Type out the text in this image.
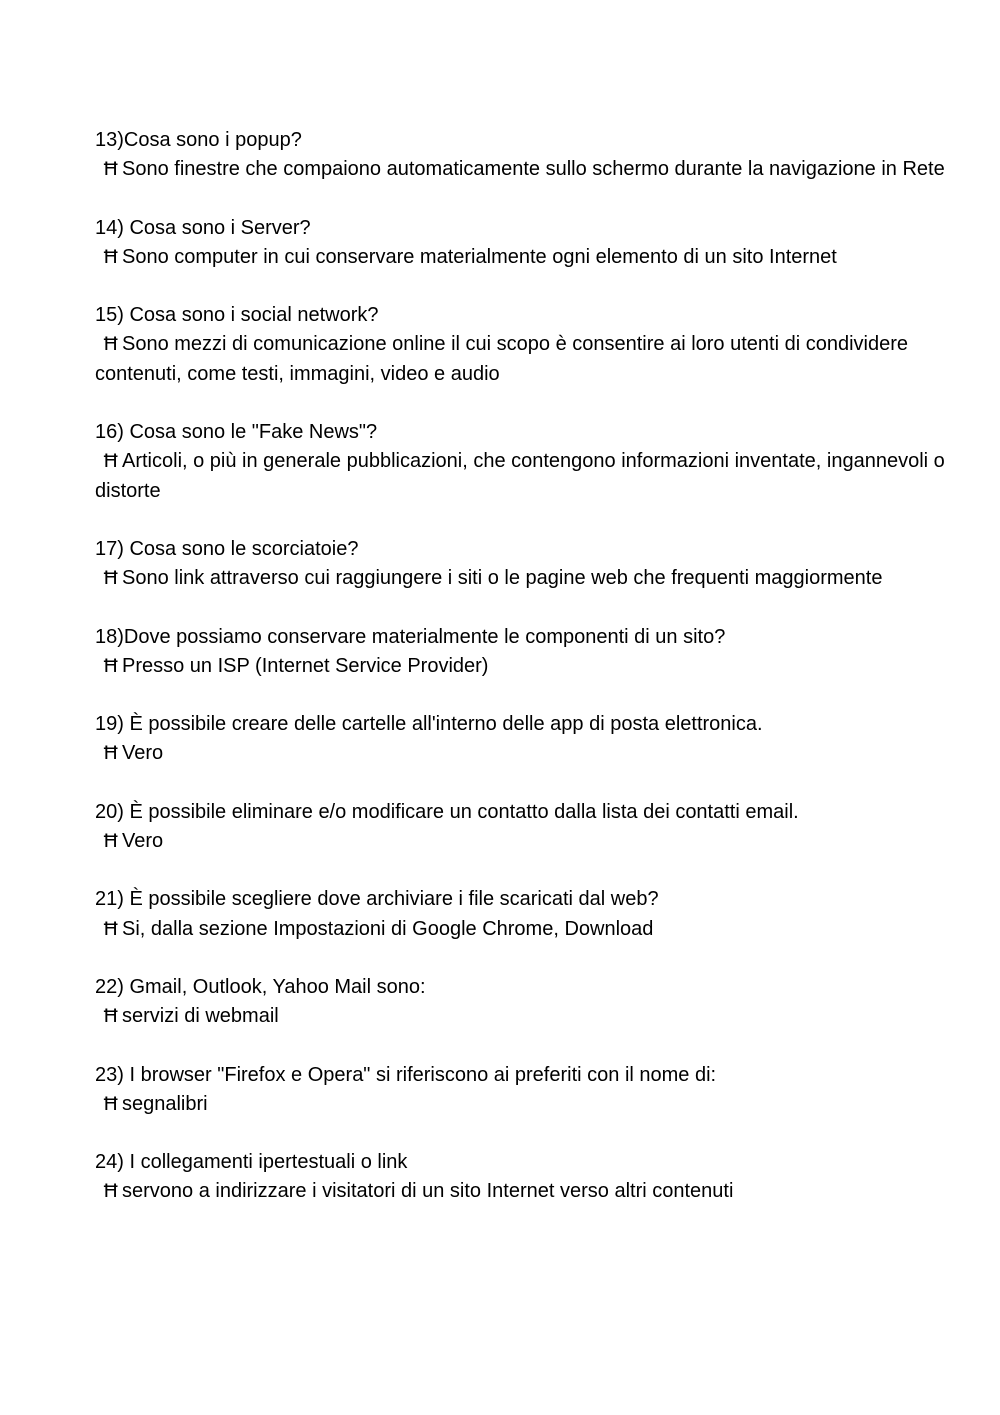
13)Cosa sono i popup?
Ħ Sono finestre che compaiono automaticamente sullo schermo durante la navigazione in Rete
14) Cosa sono i Server?
Ħ Sono computer in cui conservare materialmente ogni elemento di un sito Internet
15) Cosa sono i social network?
Ħ Sono mezzi di comunicazione online il cui scopo è consentire ai loro utenti di condividere contenuti, come testi, immagini, video e audio
16) Cosa sono le "Fake News"?
Ħ Articoli, o più in generale pubblicazioni, che contengono informazioni inventate, ingannevoli o distorte
17) Cosa sono le scorciatoie?
Ħ Sono link attraverso cui raggiungere i siti o le pagine web che frequenti maggiormente
18)Dove possiamo conservare materialmente le componenti di un sito?
Ħ Presso un ISP (Internet Service Provider)
19) È possibile creare delle cartelle all'interno delle app di posta elettronica.
Ħ Vero
20) È possibile eliminare e/o modificare un contatto dalla lista dei contatti email.
Ħ Vero
21) È possibile scegliere dove archiviare i file scaricati dal web?
Ħ Si, dalla sezione Impostazioni di Google Chrome, Download
22) Gmail, Outlook, Yahoo Mail sono:
Ħ servizi di webmail
23) I browser "Firefox e Opera" si riferiscono ai preferiti con il nome di:
Ħ segnalibri
24) I collegamenti ipertestuali o link
Ħ servono a indirizzare i visitatori di un sito Internet verso altri contenuti
